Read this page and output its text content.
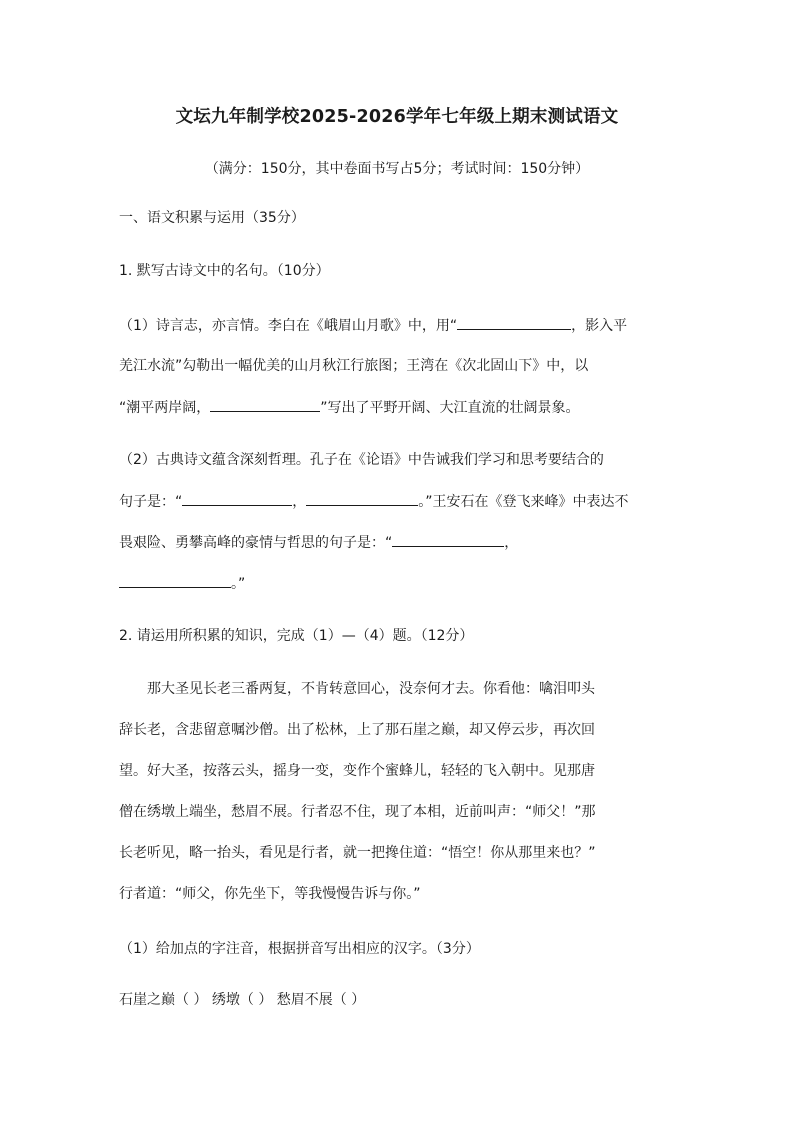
文坛九年制学校2025-2026学年七年级上期末测试语文
（满分：150分，其中卷面书写占5分；考试时间：150分钟）
一、语文积累与运用（35分）
1. 默写古诗文中的名句。（10分）
（1）诗言志，亦言情。李白在《峨眉山月歌》中，用“	，影入平
羌江水流”勾勒出一幅优美的山月秋江行旅图；王湾在《次北固山下》中，以
“潮平两岸阔，	”写出了平野开阔、大江直流的壮阔景象。
（2）古典诗文蕴含深刻哲理。孔子在《论语》中告诫我们学习和思考要结合的
句子是：“	，	。”王安石在《登飞来峰》中表达不
畏艰险、勇攀高峰的豪情与哲思的句子是：“	，
。”
2. 请运用所积累的知识，完成（1）—（4）题。（12分）
　　那大圣见长老三番两复，不肯转意回心，没奈何才去。你看他：噙泪叩头
辞长老，含悲留意嘱沙僧。出了松林，上了那石崖之巅，却又停云步，再次回
望。好大圣，按落云头，摇身一变，变作个蜜蜂儿，轻轻的飞入朝中。见那唐
僧在绣墩上端坐，愁眉不展。行者忍不住，现了本相，近前叫声：“师父！”那
长老听见，略一抬头，看见是行者，就一把搀住道：“悟空！你从那里来也？”
行者道：“师父，你先坐下，等我慢慢告诉与你。”
（1）给加点的字注音，根据拼音写出相应的汉字。（3分）
石崖之巅（ ） 绣墩（ ） 愁眉不展（ ）
